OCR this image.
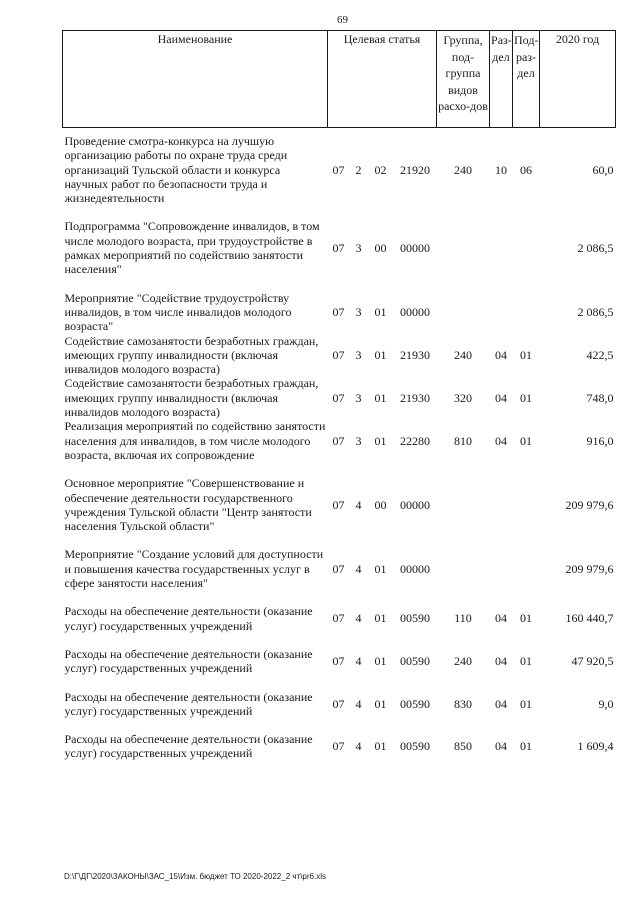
69
Наименование	Целевая статья				Группа, под-группа видов расхо-дов	Раз-дел	Под-раз-дел	2020 год

Проведение смотра-конкурса на лучшую организацию работы по охране труда среди организаций Тульской области и конкурса научных работ по безопасности труда и жизнедеятельности	07	2	02	21920	240	10	06	60,0

Подпрограмма "Сопровождение инвалидов, в том числе молодого возраста, при трудоустройстве в рамках мероприятий по содействию занятости населения"	07	3	00	00000				2 086,5

Мероприятие "Содействие трудоустройству инвалидов, в том числе инвалидов молодого возраста"	07	3	01	00000				2 086,5
Содействие самозанятости безработных граждан, имеющих группу инвалидности (включая инвалидов молодого возраста)	07	3	01	21930	240	04	01	422,5
Содействие самозанятости безработных граждан, имеющих группу инвалидности (включая инвалидов молодого возраста)	07	3	01	21930	320	04	01	748,0
Реализация мероприятий по содействию занятости населения для инвалидов, в том числе молодого возраста, включая их сопровождение	07	3	01	22280	810	04	01	916,0

Основное мероприятие "Совершенствование и обеспечение деятельности государственного учреждения Тульской области "Центр занятости населения Тульской области"	07	4	00	00000				209 979,6

Мероприятие "Создание условий для доступности и повышения качества государственных услуг в сфере занятости населения"	07	4	01	00000				209 979,6

Расходы на обеспечение деятельности (оказание услуг) государственных учреждений	07	4	01	00590	110	04	01	160 440,7

Расходы на обеспечение деятельности (оказание услуг) государственных учреждений	07	4	01	00590	240	04	01	47 920,5

Расходы на обеспечение деятельности (оказание услуг) государственных учреждений	07	4	01	00590	830	04	01	9,0

Расходы на обеспечение деятельности (оказание услуг) государственных учреждений	07	4	01	00590	850	04	01	1 609,4
D:\Г\ДГ\2020\ЗАКОНЫ\ЗАС_15\Изм. бюджет ТО 2020-2022_2 чт\pr6.xls
